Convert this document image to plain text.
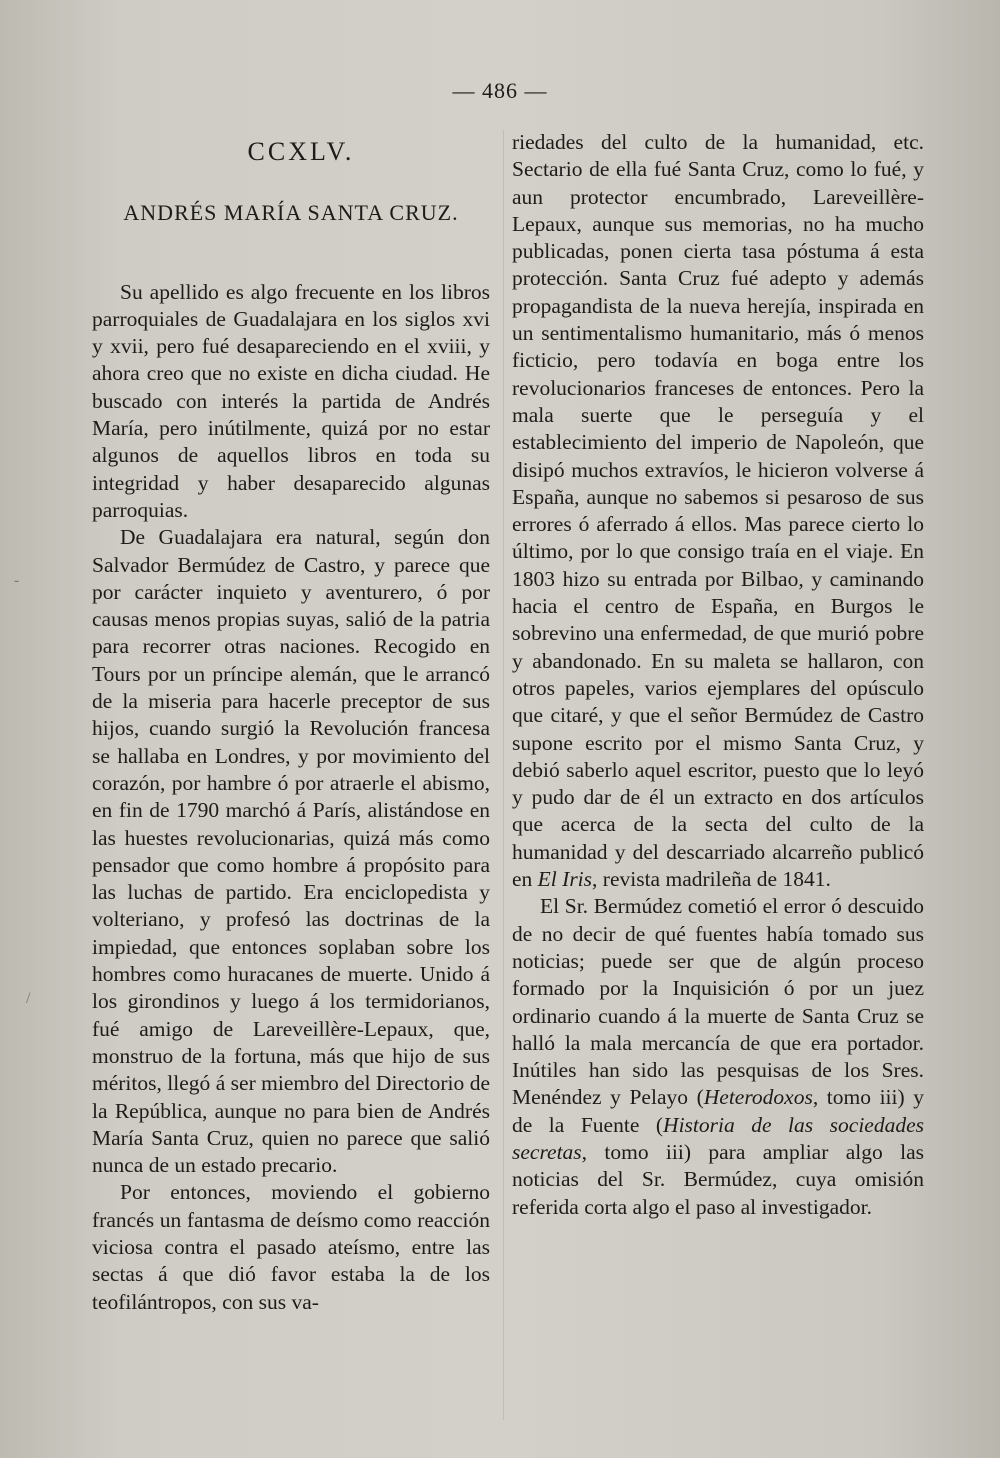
— 486 —
-
/
CCXLV.
ANDRÉS MARÍA SANTA CRUZ.

Su apellido es algo frecuente en los libros parroquiales de Guadalajara en los siglos xvi y xvii, pero fué desapareciendo en el xviii, y ahora creo que no existe en dicha ciudad. He buscado con interés la partida de Andrés María, pero inútilmente, quizá por no estar algunos de aquellos libros en toda su integridad y haber desaparecido algunas parroquias.

De Guadalajara era natural, según don Salvador Bermúdez de Castro, y parece que por carácter inquieto y aventurero, ó por causas menos propias suyas, salió de la patria para recorrer otras naciones. Recogido en Tours por un príncipe alemán, que le arrancó de la miseria para hacerle preceptor de sus hijos, cuando surgió la Revolución francesa se hallaba en Londres, y por movimiento del corazón, por hambre ó por atraerle el abismo, en fin de 1790 marchó á París, alistándose en las huestes revolucionarias, quizá más como pensador que como hombre á propósito para las luchas de partido. Era enciclopedista y volteriano, y profesó las doctrinas de la impiedad, que entonces soplaban sobre los hombres como huracanes de muerte. Unido á los girondinos y luego á los termidorianos, fué amigo de Lareveillère-Lepaux, que, monstruo de la fortuna, más que hijo de sus méritos, llegó á ser miembro del Directorio de la República, aunque no para bien de Andrés María Santa Cruz, quien no parece que salió nunca de un estado precario.

Por entonces, moviendo el gobierno francés un fantasma de deísmo como reacción viciosa contra el pasado ateísmo, entre las sectas á que dió favor estaba la de los teofilántropos, con sus va-

riedades del culto de la humanidad, etc. Sectario de ella fué Santa Cruz, como lo fué, y aun protector encumbrado, Lareveillère-Lepaux, aunque sus memorias, no ha mucho publicadas, ponen cierta tasa póstuma á esta protección. Santa Cruz fué adepto y además propagandista de la nueva herejía, inspirada en un sentimentalismo humanitario, más ó menos ficticio, pero todavía en boga entre los revolucionarios franceses de entonces. Pero la mala suerte que le perseguía y el establecimiento del imperio de Napoleón, que disipó muchos extravíos, le hicieron volverse á España, aunque no sabemos si pesaroso de sus errores ó aferrado á ellos. Mas parece cierto lo último, por lo que consigo traía en el viaje. En 1803 hizo su entrada por Bilbao, y caminando hacia el centro de España, en Burgos le sobrevino una enfermedad, de que murió pobre y abandonado. En su maleta se hallaron, con otros papeles, varios ejemplares del opúsculo que citaré, y que el señor Bermúdez de Castro supone escrito por el mismo Santa Cruz, y debió saberlo aquel escritor, puesto que lo leyó y pudo dar de él un extracto en dos artículos que acerca de la secta del culto de la humanidad y del descarriado alcarreño publicó en El Iris, revista madrileña de 1841.

El Sr. Bermúdez cometió el error ó descuido de no decir de qué fuentes había tomado sus noticias; puede ser que de algún proceso formado por la Inquisición ó por un juez ordinario cuando á la muerte de Santa Cruz se halló la mala mercancía de que era portador. Inútiles han sido las pesquisas de los Sres. Menéndez y Pelayo (Heterodoxos, tomo iii) y de la Fuente (Historia de las sociedades secretas, tomo iii) para ampliar algo las noticias del Sr. Bermúdez, cuya omisión referida corta algo el paso al investigador.
